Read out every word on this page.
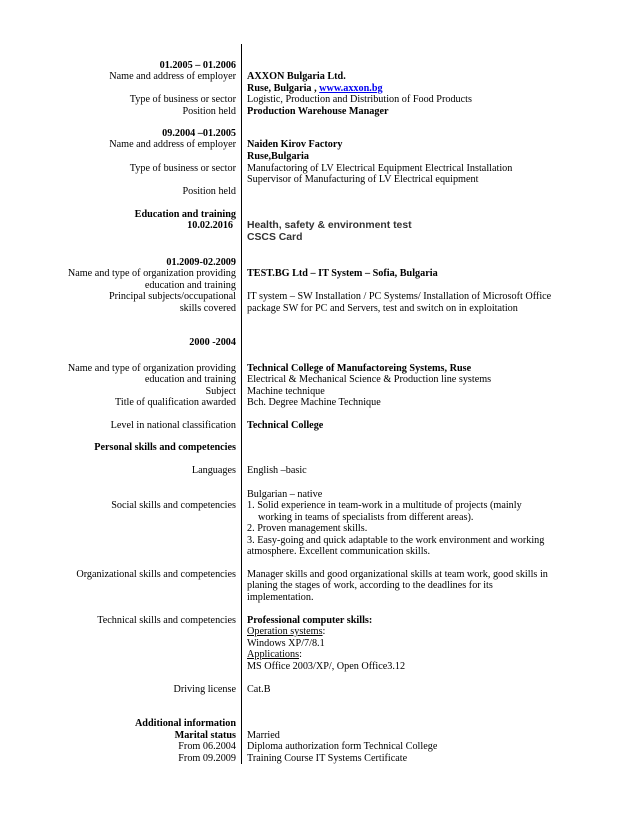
01.2005 – 01.2006
Name and address of employer AXXON Bulgaria Ltd.
Ruse, Bulgaria , www.axxon.bg
Type of business or sector Logistic, Production and Distribution of Food Products
Position held Production Warehouse Manager
09.2004 –01.2005
Name and address of employer Naiden Kirov Factory
Ruse,Bulgaria
Type of business or sector Manufactoring of LV Electrical Equipment Electrical Installation
Supervisor of Manufacturing of LV Electrical equipment
Position held
Education and training
10.02.2016 Health, safety & environment test
CSCS Card
01.2009-02.2009
Name and type of organization providing TEST.BG Ltd – IT System – Sofia, Bulgaria
education and training
Principal subjects/occupational IT system – SW Installation / PC Systems/ Installation of Microsoft Office
skills covered package SW for PC and Servers, test and switch on in exploitation
2000 -2004
Name and type of organization providing Technical College of Manufactoreing Systems, Ruse
education and training Electrical & Mechanical Science & Production line systems
Subject Machine technique
Title of qualification awarded Bch. Degree Machine Technique
Level in national classification Technical College
Personal skills and competencies
Languages English –basic
Bulgarian – native
Social skills and competencies 1. Solid experience in team-work in a multitude of projects (mainly
working in teams of specialists from different areas).
2. Proven management skills.
3. Easy-going and quick adaptable to the work environment and working
atmosphere. Excellent communication skills.
Organizational skills and competencies Manager skills and good organizational skills at team work, good skills in
planing the stages of work, according to the deadlines for its
implementation.
Technical skills and competencies Professional computer skills:
Operation systems:
Windows XP/7/8.1
Applications:
MS Office 2003/XP/, Open Office3.12
Driving license Cat.B
Additional information
Marital status Married
From 06.2004 Diploma authorization form Technical College
From 09.2009 Training Course IT Systems Certificate
